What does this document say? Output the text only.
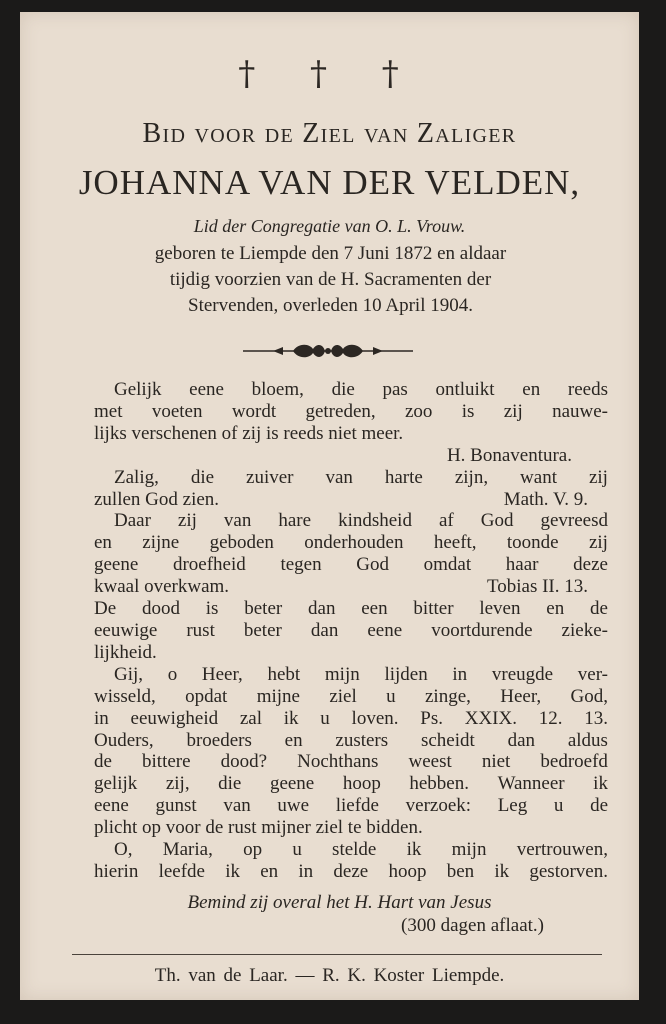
† † †
Bid voor de Ziel van Zaliger
JOHANNA VAN DER VELDEN,
Lid der Congregatie van O. L. Vrouw.
geboren te Liempde den 7 Juni 1872 en aldaar
tijdig voorzien van de H. Sacramenten der
Stervenden, overleden 10 April 1904.
Gelijk eene bloem, die pas ontluikt en reeds
met voeten wordt getreden, zoo is zij nauwe-
lijks verschenen of zij is reeds niet meer.
H. Bonaventura.
Zalig, die zuiver van harte zijn, want zij
zullen God zien.	Math. V. 9.
Daar zij van hare kindsheid af God gevreesd
en zijne geboden onderhouden heeft, toonde zij
geene droefheid tegen God omdat haar deze
kwaal overkwam.	Tobias II. 13.
De dood is beter dan een bitter leven en de
eeuwige rust beter dan eene voortdurende zieke-
lijkheid.
Gij, o Heer, hebt mijn lijden in vreugde ver-
wisseld, opdat mijne ziel u zinge, Heer, God,
in eeuwigheid zal ik u loven. Ps. XXIX. 12. 13.
Ouders, broeders en zusters scheidt dan aldus
de bittere dood? Nochthans weest niet bedroefd
gelijk zij, die geene hoop hebben. Wanneer ik
eene gunst van uwe liefde verzoek: Leg u de
plicht op voor de rust mijner ziel te bidden.
O, Maria, op u stelde ik mijn vertrouwen,
hierin leefde ik en in deze hoop ben ik gestorven.
Bemind zij overal het H. Hart van Jesus
(300 dagen aflaat.)
Th. van de Laar. — R. K. Koster Liempde.
